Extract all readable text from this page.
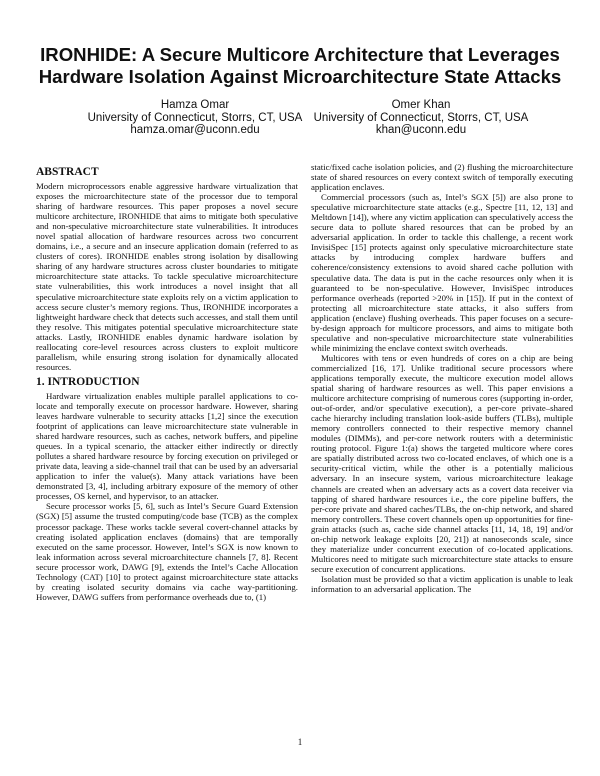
IRONHIDE: A Secure Multicore Architecture that Leverages Hardware Isolation Against Microarchitecture State Attacks
Hamza Omar
University of Connecticut, Storrs, CT, USA
hamza.omar@uconn.edu
Omer Khan
University of Connecticut, Storrs, CT, USA
khan@uconn.edu
ABSTRACT

Modern microprocessors enable aggressive hardware virtualization that exposes the microarchitecture state of the processor due to temporal sharing of hardware resources. This paper proposes a novel secure multicore architecture, IRONHIDE that aims to mitigate both speculative and non-speculative microarchitecture state vulnerabilities. It introduces novel spatial allocation of hardware resources across two concurrent domains, i.e., a secure and an insecure application domain (referred to as clusters of cores). IRONHIDE enables strong isolation by disallowing sharing of any hardware structures across cluster boundaries to mitigate microarchitecture state attacks. To tackle speculative microarchitecture state vulnerabilities, this work introduces a novel insight that all speculative microarchitecture state exploits rely on a victim application to access secure cluster’s memory regions. Thus, IRONHIDE incorporates a lightweight hardware check that detects such accesses, and stall them until they resolve. This mitigates potential speculative microarchitecture state attacks. Lastly, IRONHIDE enables dynamic hardware isolation by reallocating core-level resources across clusters to exploit multicore parallelism, while ensuring strong isolation for dynamically allocated resources.

1. INTRODUCTION

Hardware virtualization enables multiple parallel applications to co-locate and temporally execute on processor hardware. However, sharing leaves hardware vulnerable to security attacks [1,2] since the execution footprint of applications can leave microarchitecture state vulnerable in shared hardware resources, such as caches, network buffers, and pipeline queues. In a typical scenario, the attacker either indirectly or directly pollutes a shared hardware resource by forcing execution on privileged or private data, leaving a side-channel trail that can be used by an adversarial application to infer the value(s). Many attack variations have been demonstrated [3, 4], including arbitrary exposure of the memory of other processes, OS kernel, and hypervisor, to an attacker.

Secure processor works [5, 6], such as Intel’s Secure Guard Extension (SGX) [5] assume the trusted computing/code base (TCB) as the complex processor package. These works tackle several covert-channel attacks by creating isolated application enclaves (domains) that are temporally executed on the same processor. However, Intel’s SGX is now known to leak information across several microarchitecture channels [7, 8]. Recent secure processor work, DAWG [9], extends the Intel’s Cache Allocation Technology (CAT) [10] to protect against microarchitecture state attacks by creating isolated security domains via cache way-partitioning. However, DAWG suffers from performance overheads due to, (1)

static/fixed cache isolation policies, and (2) flushing the microarchitecture state of shared resources on every context switch of temporally executing application enclaves.

Commercial processors (such as, Intel’s SGX [5]) are also prone to speculative microarchitecture state attacks (e.g., Spectre [11, 12, 13] and Meltdown [14]), where any victim application can speculatively access the secure data to pollute shared resources that can be probed by an adversarial application. In order to tackle this challenge, a recent work InvisiSpec [15] protects against only speculative microarchitecture state attacks by introducing complex hardware buffers and coherence/consistency extensions to avoid shared cache pollution with speculative data. The data is put in the cache resources only when it is guaranteed to be non-speculative. However, InvisiSpec introduces performance overheads (reported >20% in [15]). If put in the context of protecting all microarchitecture state attacks, it also suffers from application (enclave) flushing overheads. This paper focuses on a secure-by-design approach for multicore processors, and aims to mitigate both speculative and non-speculative microarchitecture state vulnerabilities while minimizing the enclave context switch overheads.

Multicores with tens or even hundreds of cores on a chip are being commercialized [16, 17]. Unlike traditional secure processors where applications temporally execute, the multicore execution model allows spatial sharing of hardware resources as well. This paper envisions a multicore architecture comprising of numerous cores (supporting in-order, out-of-order, and/or speculative execution), a per-core private–shared cache hierarchy including translation look-aside buffers (TLBs), multiple memory controllers connected to their respective memory channel modules (DIMMs), and per-core network routers with a deterministic routing protocol. Figure 1:(a) shows the targeted multicore where cores are spatially distributed across two co-located enclaves, of which one is a security-critical victim, while the other is a potentially malicious adversary. In an insecure system, various microarchitecture leakage channels are created when an adversary acts as a covert data receiver via tapping of shared hardware resources i.e., the core pipeline buffers, the per-core private and shared caches/TLBs, the on-chip network, and shared memory controllers. These covert channels open up opportunities for fine-grain attacks (such as, cache side channel attacks [11, 14, 18, 19] and/or on-chip network leakage exploits [20, 21]) at nanoseconds scale, since they materialize under concurrent execution of co-located applications. Multicores need to mitigate such microarchitecture state attacks to ensure secure execution of concurrent applications.

Isolation must be provided so that a victim application is unable to leak information to an adversarial application. The

1
